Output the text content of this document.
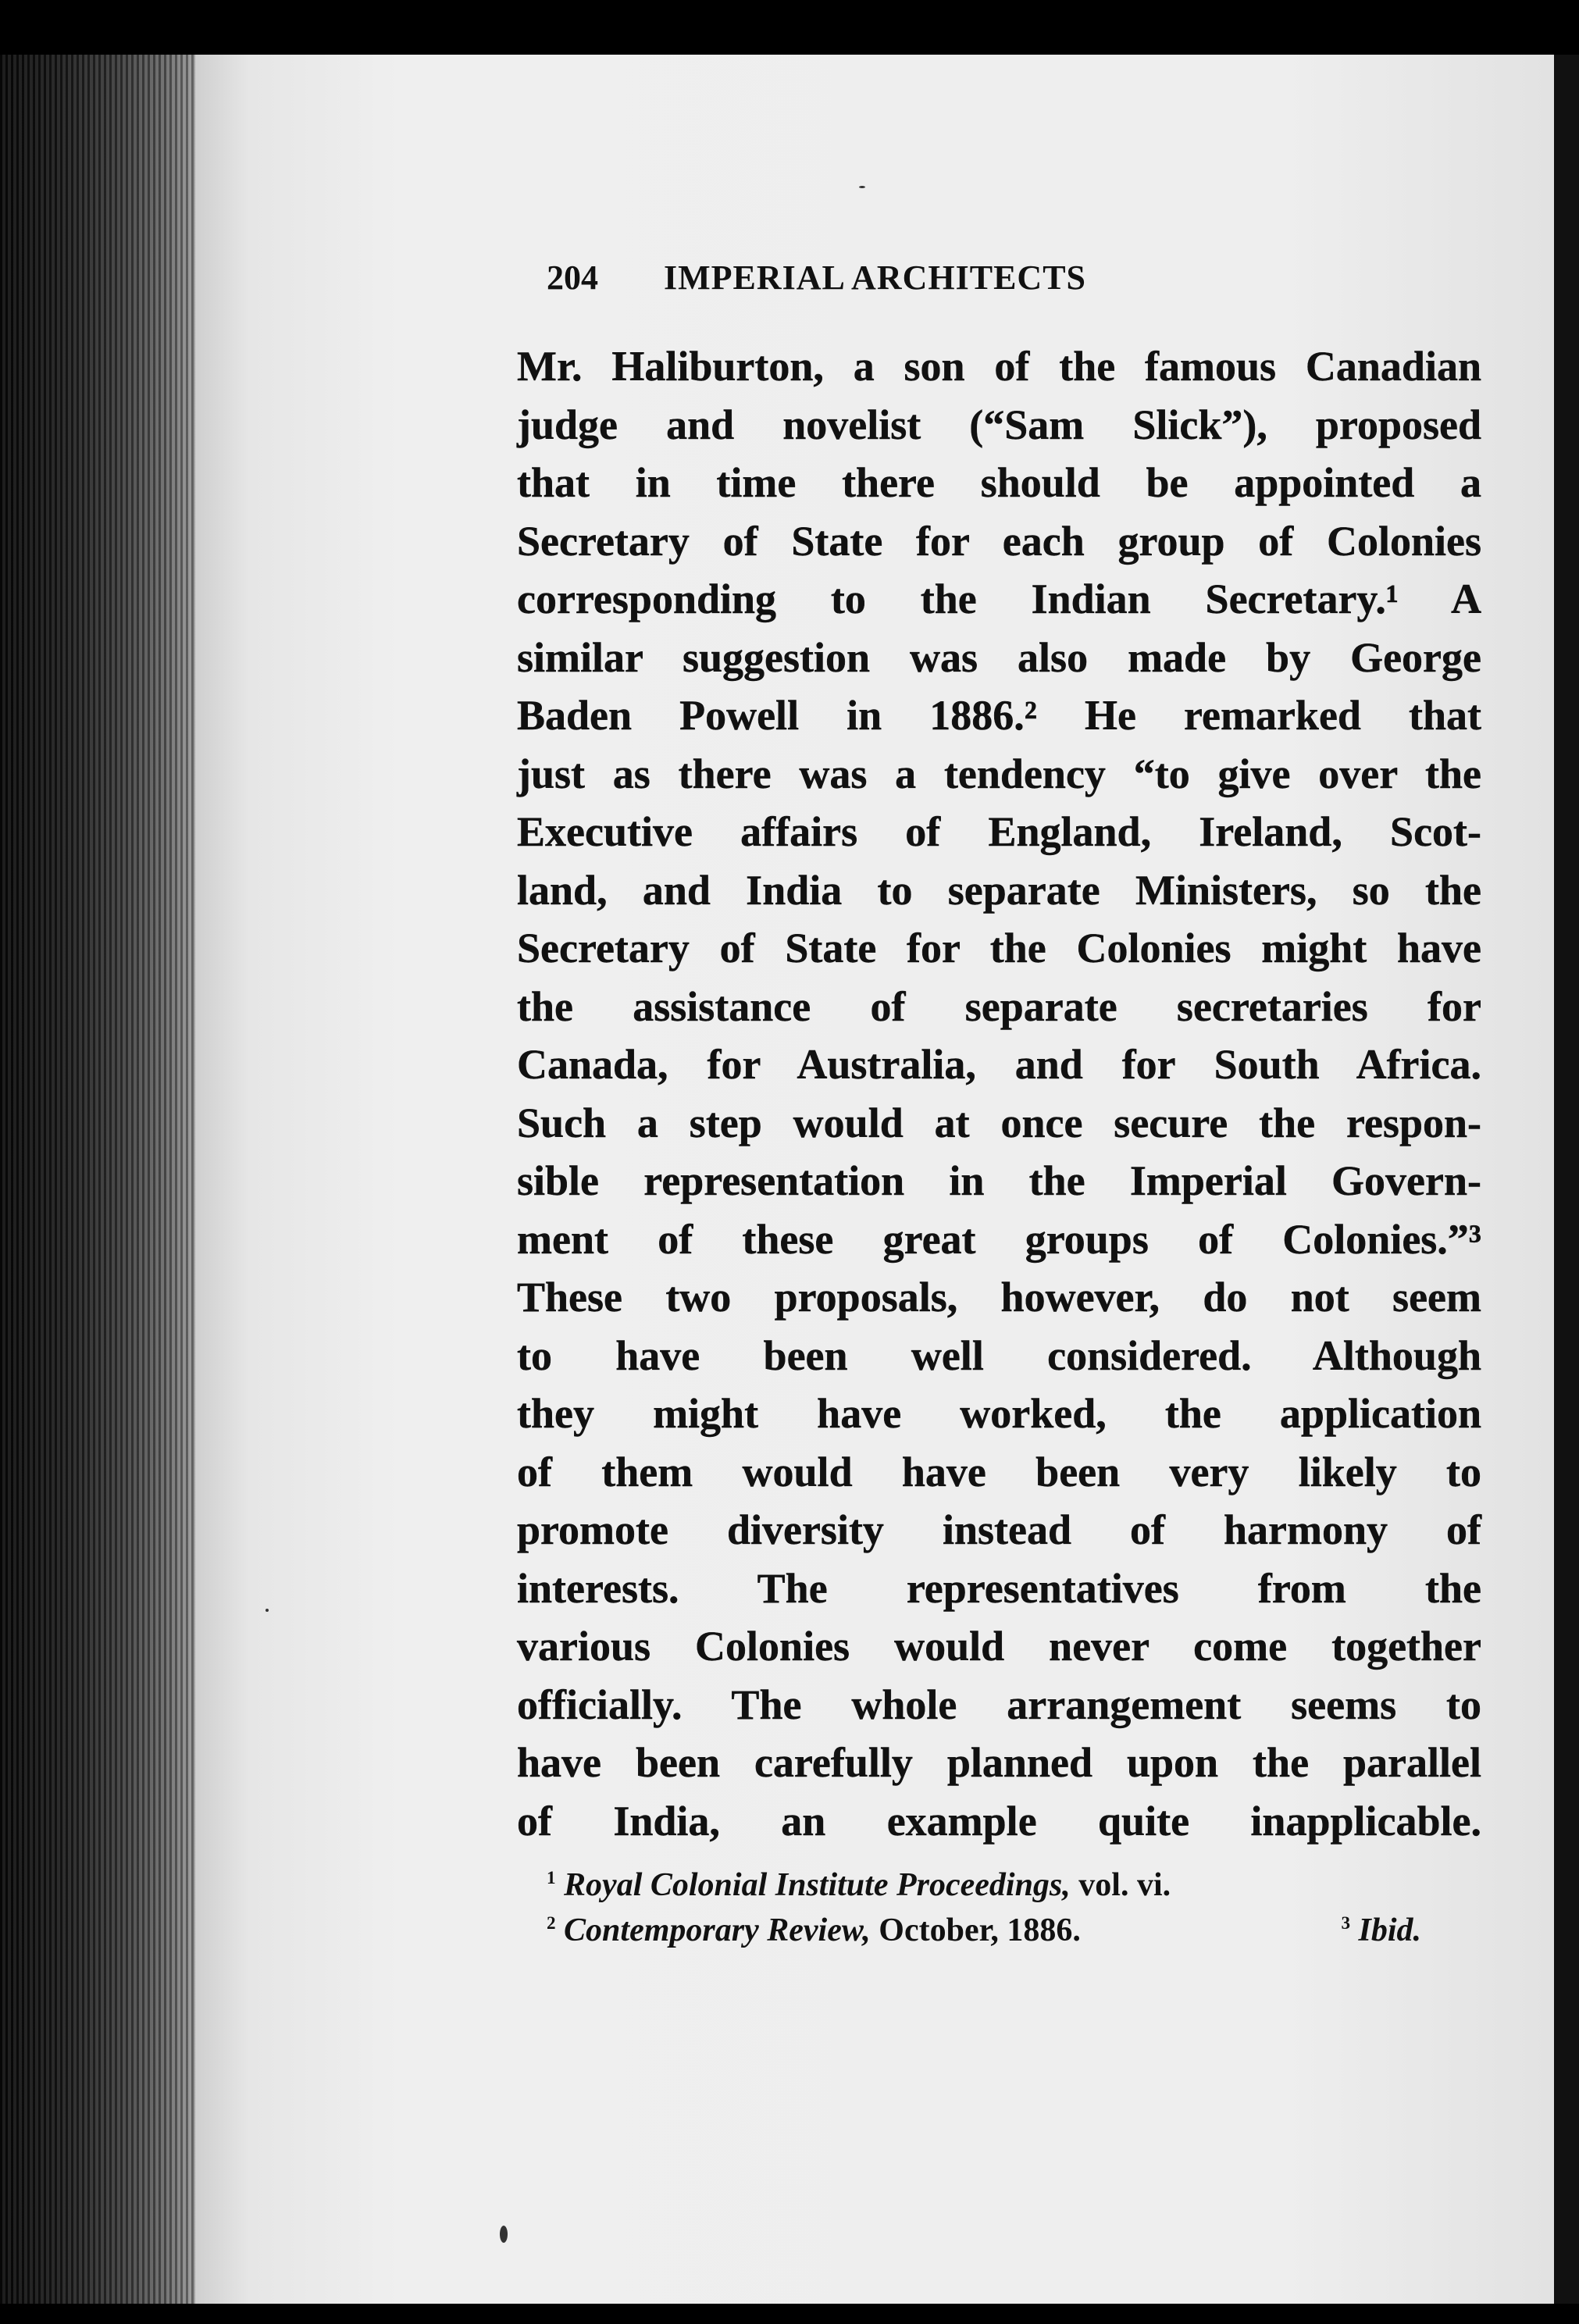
204 IMPERIAL ARCHITECTS
Mr. Haliburton, a son of the famous Canadian
judge and novelist (“Sam Slick”), proposed
that in time there should be appointed a
Secretary of State for each group of Colonies
corresponding to the Indian Secretary.¹ A
similar suggestion was also made by George
Baden Powell in 1886.² He remarked that
just as there was a tendency “to give over the
Executive affairs of England, Ireland, Scot-
land, and India to separate Ministers, so the
Secretary of State for the Colonies might have
the assistance of separate secretaries for
Canada, for Australia, and for South Africa.
Such a step would at once secure the respon-
sible representation in the Imperial Govern-
ment of these great groups of Colonies.”³
These two proposals, however, do not seem
to have been well considered. Although
they might have worked, the application
of them would have been very likely to
promote diversity instead of harmony of
interests. The representatives from the
various Colonies would never come together
officially. The whole arrangement seems to
have been carefully planned upon the parallel
of India, an example quite inapplicable.
$^1$ Royal Colonial Institute Proceedings, vol. vi.
$^2$ Contemporary Review, October, 1886.	$^3$ Ibid.
